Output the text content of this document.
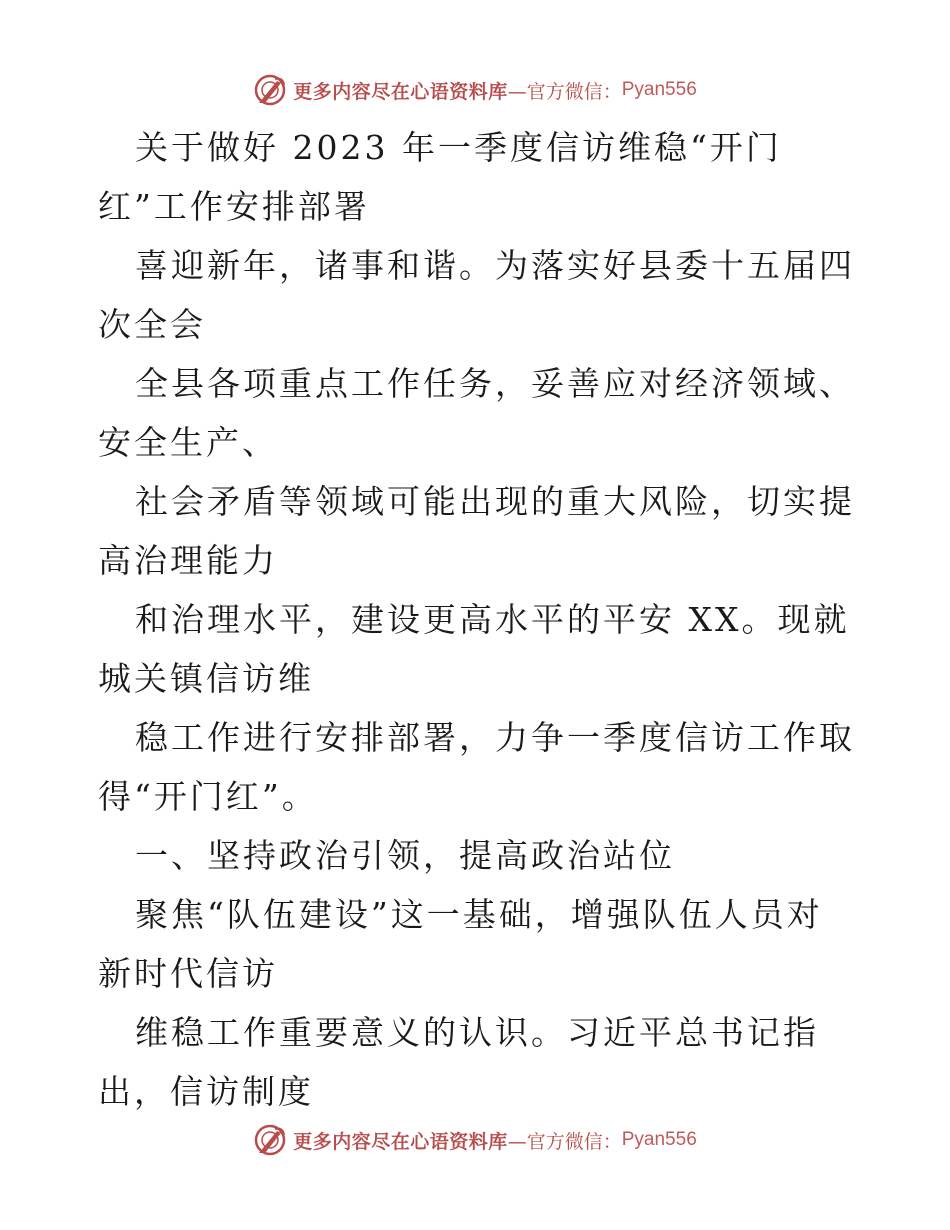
更多内容尽在心语资料库 —官方微信： Pyan556

关于做好 2023 年一季度信访维稳“开门红”工作安排部署

喜迎新年，诸事和谐。为落实好县委十五届四次全会

全县各项重点工作任务，妥善应对经济领域、安全生产、

社会矛盾等领域可能出现的重大风险，切实提高治理能力

和治理水平，建设更高水平的平安 XX。现就城关镇信访维

稳工作进行安排部署，力争一季度信访工作取得“开门红”。

一、坚持政治引领，提高政治站位

聚焦“队伍建设”这一基础，增强队伍人员对新时代信访

维稳工作重要意义的认识。习近平总书记指出，信访制度

更多内容尽在心语资料库 —官方微信： Pyan556
